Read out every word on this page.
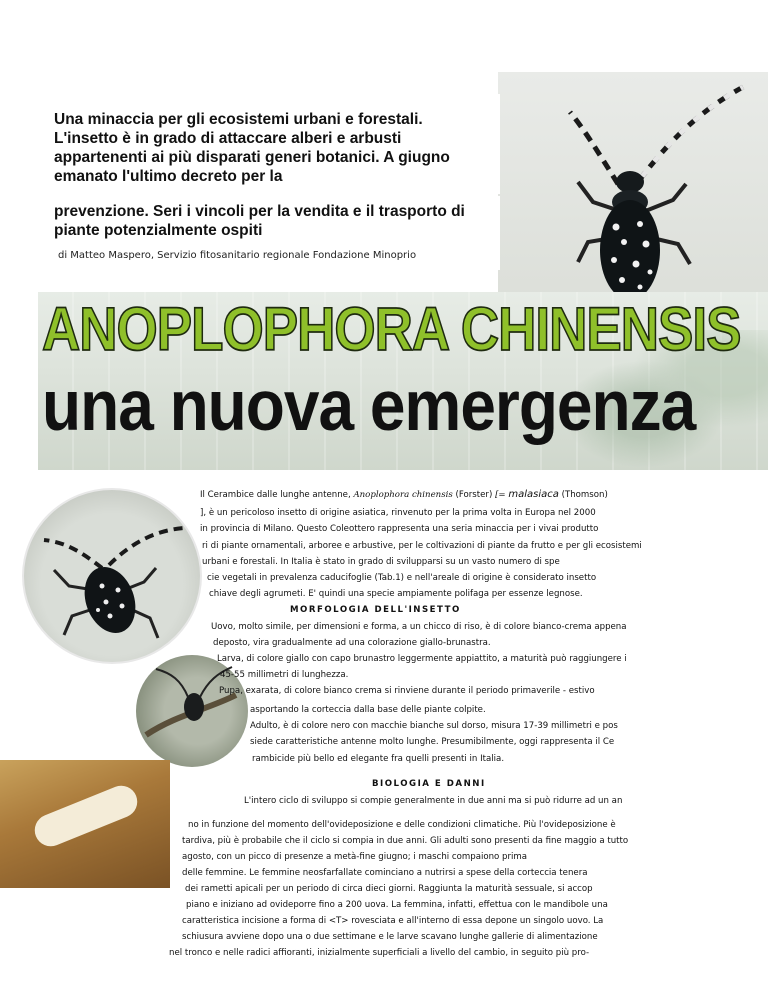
Una minaccia per gli ecosistemi urbani e forestali.

L'insetto è in grado di attaccare alberi e arbusti

appartenenti ai più disparati generi botanici. A giugno

emanato l'ultimo decreto per la

prevenzione. Seri i vincoli per la vendita e il trasporto di

piante potenzialmente ospiti

di Matteo Maspero, Servizio fitosanitario regionale Fondazione Minoprio
ANOPLOPHORA CHINENSIS
una nuova emergenza
Il Cerambice dalle lunghe antenne, Anoplophora chinensis (Forster) [= malasiaca (Thomson)
], è un pericoloso insetto di origine asiatica, rinvenuto per la prima volta in Europa nel 2000
in provincia di Milano. Questo Coleottero rappresenta una seria minaccia per i vivai produtto
ri di piante ornamentali, arboree e arbustive, per le coltivazioni di piante da frutto e per gli ecosistemi
urbani e forestali. In Italia è stato in grado di svilupparsi su un vasto numero di spe
cie vegetali in prevalenza caducifoglie (Tab.1) e nell'areale di origine è considerato insetto
chiave degli agrumeti. E' quindi una specie ampiamente polifaga per essenze legnose.
MORFOLOGIA DELL'INSETTO
Uovo, molto simile, per dimensioni e forma, a un chicco di riso, è di colore bianco-crema appena
deposto, vira gradualmente ad una colorazione giallo-brunastra.
Larva, di colore giallo con capo brunastro leggermente appiattito, a maturità può raggiungere i
45-55 millimetri di lunghezza.
Pupa, exarata, di colore bianco crema si rinviene durante il periodo primaverile - estivo
asportando la corteccia dalla base delle piante colpite.
Adulto, è di colore nero con macchie bianche sul dorso, misura 17-39 millimetri e pos
siede caratteristiche antenne molto lunghe. Presumibilmente, oggi rappresenta il Ce
rambicide più bello ed elegante fra quelli presenti in Italia.
BIOLOGIA E DANNI
L'intero ciclo di sviluppo si compie generalmente in due anni ma si può ridurre ad un an
no in funzione del momento dell'ovideposizione e delle condizioni climatiche. Più l'ovideposizione è
tardiva, più è probabile che il ciclo si compia in due anni. Gli adulti sono presenti da fine maggio a tutto
agosto, con un picco di presenze a metà-fine giugno; i maschi compaiono prima
delle femmine. Le femmine neosfarfallate cominciano a nutrirsi a spese della corteccia tenera
dei rametti apicali per un periodo di circa dieci giorni. Raggiunta la maturità sessuale, si accop
piano e iniziano ad ovideporre fino a 200 uova. La femmina, infatti, effettua con le mandibole una
caratteristica incisione a forma di <T> rovesciata e all'interno di essa depone un singolo uovo. La
schiusura avviene dopo una o due settimane e le larve scavano lunghe gallerie di alimentazione
nel tronco e nelle radici affioranti, inizialmente superficiali a livello del cambio, in seguito più pro-
